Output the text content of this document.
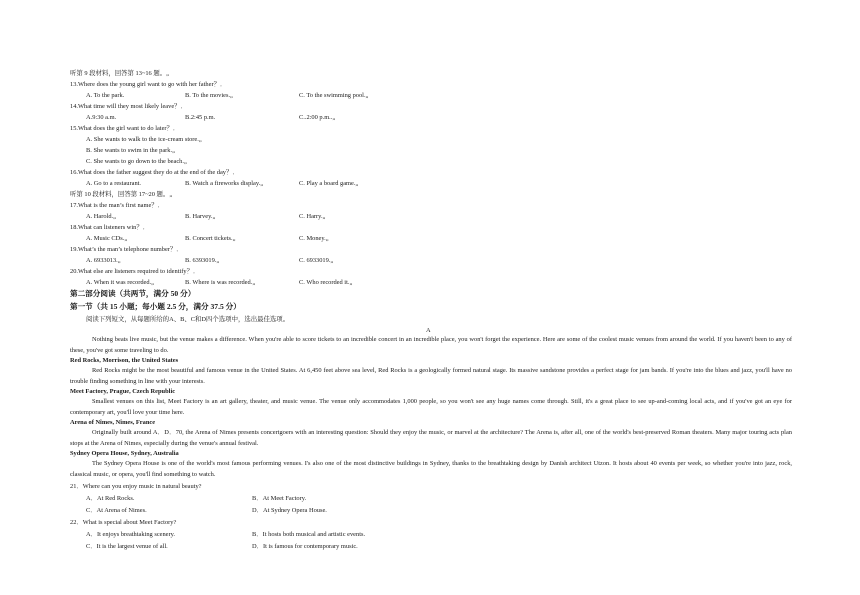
听第 9 段材料，回答第 13~16 题。„
13.Where does the young girl want to go with her father？．
A. To the park.	B. To the movies.„	C. To the swimming pool.„
14.What time will they most likely leave？．
A.9:30 a.m.	B.2:45 p.m.	C..2:00 p.m..„
15.What does the girl want to do later？．
A. She wants to walk to the ice-cream store.„
B. She wants to swim in the park.„
C. She wants to go down to the beach.„
16.What does the father suggest they do at the end of the day？．
A. Go to a restaurant.	B. Watch a fireworks display.„	C. Play a board game.„
听第 10 段材料，回答第 17~20 题。„
17.What is the man’s first name？．
A. Harold.„	B. Harvey.„	C. Harry.„
18.What can listeners win？．
A. Music CDs.„	B. Concert tickets.„	C. Money.„
19.What’s the man’s telephone number？．
A. 6933013.„	B. 6393019.„	C. 6933019.„
20.What else are listeners required to identify？．
A. When it was recorded.„	B. Where is was recorded.„	C. Who recorded it.„
第二部分阅读（共两节，满分 50 分）
第一节（共 15 小题；每小题 2.5 分，满分 37.5 分）
阅读下列短文，从每题所给的A、B、C和D四个选项中，选出最佳选项。
A
Nothing beats live music, but the venue makes a difference. When you're able to score tickets to an incredible concert in an incredible place, you won't forget the experience. Here are some of the coolest music venues from around the world. If you haven't been to any of these, you've got some traveling to do.
Red Rocks, Morrison, the United States
Red Rocks might be the most beautiful and famous venue in the United States. At 6,450 feet above sea level, Red Rocks is a geologically formed natural stage. Its massive sandstone provides a perfect stage for jam bands. If you're into the blues and jazz, you'll have no trouble finding something in line with your interests.
Meet Factory, Prague, Czech Republic
Smallest venues on this list, Meet Factory is an art gallery, theater, and music venue. The venue only accommodates 1,000 people, so you won't see any huge names come through. Still, it's a great place to see up-and-coming local acts, and if you've got an eye for contemporary art, you'll love your time here.
Arena of Nîmes, Nîmes, France
Originally built around A．D．70, the Arena of Nimes presents concertgoers with an interesting question: Should they enjoy the music, or marvel at the architecture? The Arena is, after all, one of the world's best-preserved Roman theaters. Many major touring acts plan stops at the Arena of Nimes, especially during the venue's annual festival.
Sydney Opera House, Sydney, Australia
The Sydney Opera House is one of the world's most famous performing venues. I's also one of the most distinctive buildings in Sydney, thanks to the breathtaking design by Danish architect Utzon. It hosts about 40 events per week, so whether you're into jazz, rock, classical music, or opera, you'll find something to watch.
21．Where can you enjoy music in natural beauty?
A．At Red Rocks.	B．At Meet Factory.
C．At Arena of Nimes.	D．At Sydney Opera House.
22．What is special about Meet Factory?
A．It enjoys breathtaking scenery.	B．It hosts both musical and artistic events.
C．It is the largest venue of all.	D．It is famous for contemporary music.
